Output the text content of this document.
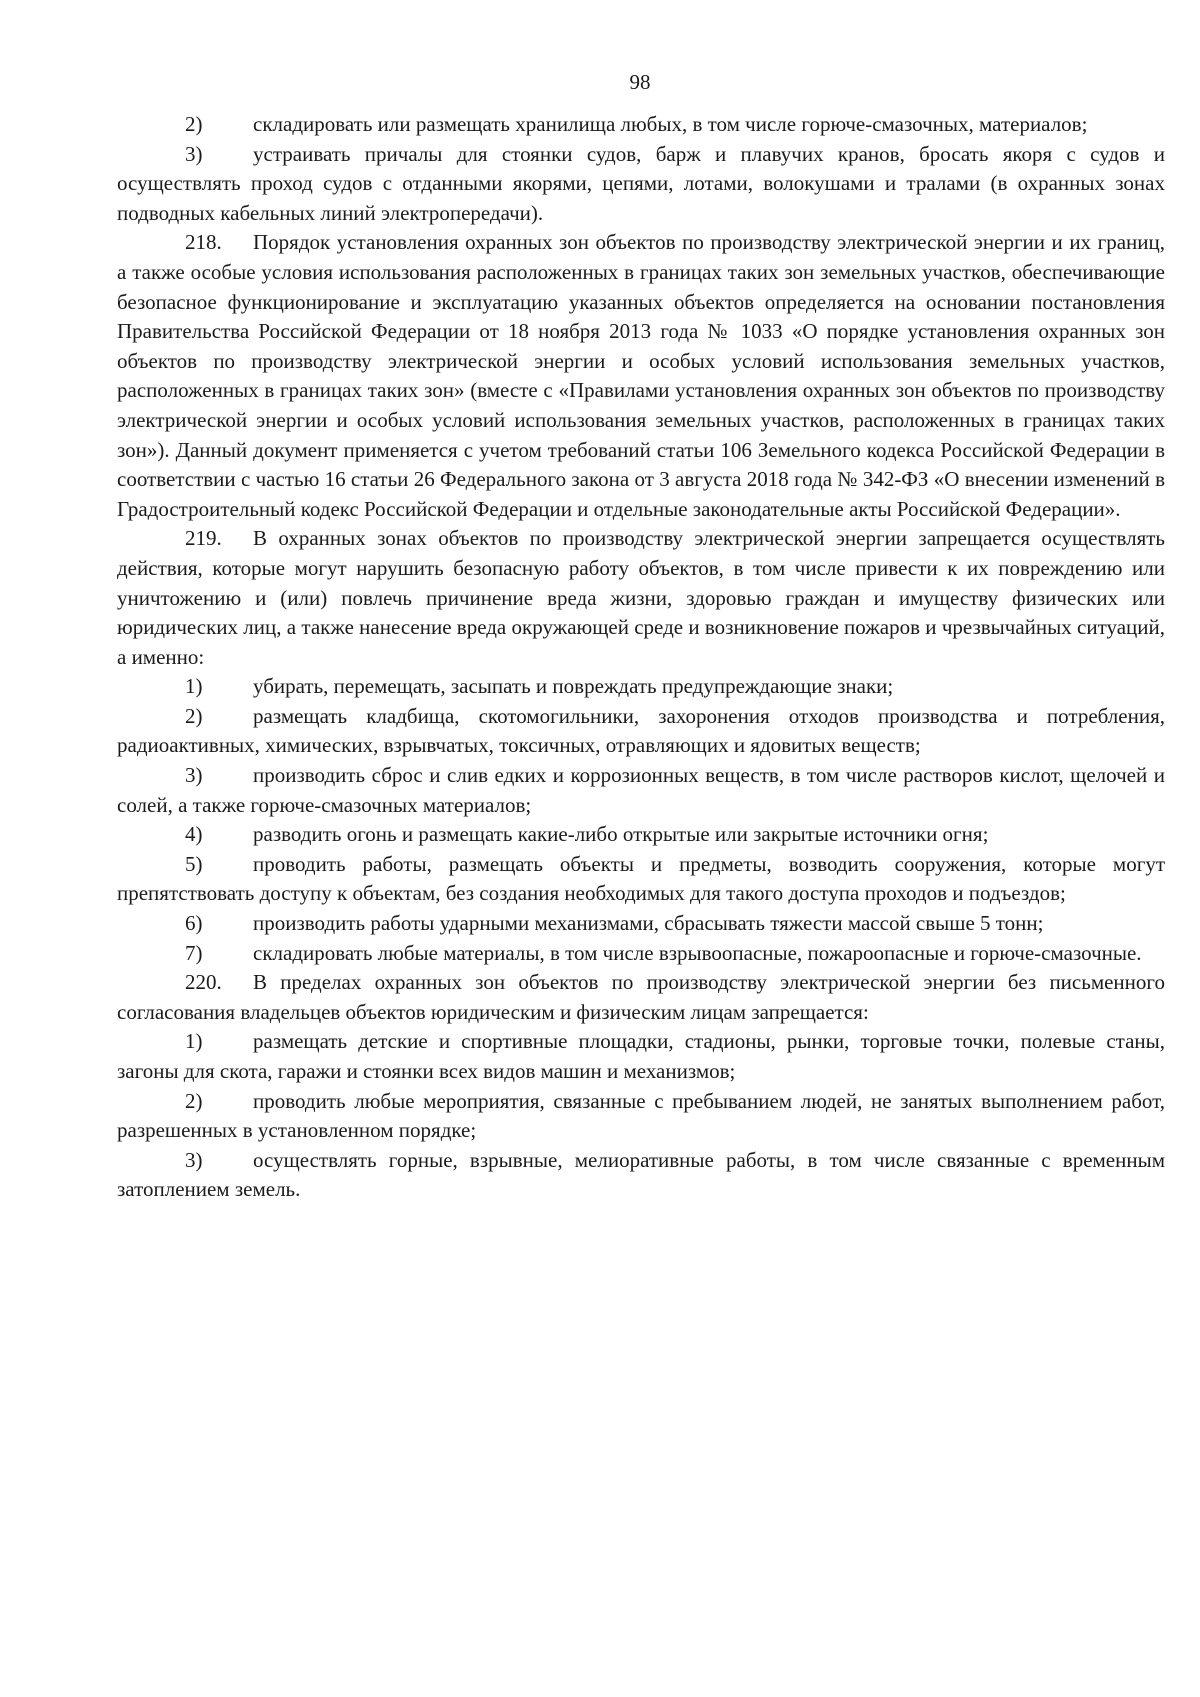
98

2) складировать или размещать хранилища любых, в том числе горюче-смазочных, материалов;

3) устраивать причалы для стоянки судов, барж и плавучих кранов, бросать якоря с судов и осуществлять проход судов с отданными якорями, цепями, лотами, волокушами и тралами (в охранных зонах подводных кабельных линий электропередачи).

218. Порядок установления охранных зон объектов по производству электрической энергии и их границ, а также особые условия использования расположенных в границах таких зон земельных участков, обеспечивающие безопасное функционирование и эксплуатацию указанных объектов определяется на основании постановления Правительства Российской Федерации от 18 ноября 2013 года № 1033 «О порядке установления охранных зон объектов по производству электрической энергии и особых условий использования земельных участков, расположенных в границах таких зон» (вместе с «Правилами установления охранных зон объектов по производству электрической энергии и особых условий использования земельных участков, расположенных в границах таких зон»). Данный документ применяется с учетом требований статьи 106 Земельного кодекса Российской Федерации в соответствии с частью 16 статьи 26 Федерального закона от 3 августа 2018 года № 342-ФЗ «О внесении изменений в Градостроительный кодекс Российской Федерации и отдельные законодательные акты Российской Федерации».

219. В охранных зонах объектов по производству электрической энергии запрещается осуществлять действия, которые могут нарушить безопасную работу объектов, в том числе привести к их повреждению или уничтожению и (или) повлечь причинение вреда жизни, здоровью граждан и имуществу физических или юридических лиц, а также нанесение вреда окружающей среде и возникновение пожаров и чрезвычайных ситуаций, а именно:

1) убирать, перемещать, засыпать и повреждать предупреждающие знаки;

2) размещать кладбища, скотомогильники, захоронения отходов производства и потребления, радиоактивных, химических, взрывчатых, токсичных, отравляющих и ядовитых веществ;

3) производить сброс и слив едких и коррозионных веществ, в том числе растворов кислот, щелочей и солей, а также горюче-смазочных материалов;

4) разводить огонь и размещать какие-либо открытые или закрытые источники огня;

5) проводить работы, размещать объекты и предметы, возводить сооружения, которые могут препятствовать доступу к объектам, без создания необходимых для такого доступа проходов и подъездов;

6) производить работы ударными механизмами, сбрасывать тяжести массой свыше 5 тонн;

7) складировать любые материалы, в том числе взрывоопасные, пожароопасные и горюче-смазочные.

220. В пределах охранных зон объектов по производству электрической энергии без письменного согласования владельцев объектов юридическим и физическим лицам запрещается:

1) размещать детские и спортивные площадки, стадионы, рынки, торговые точки, полевые станы, загоны для скота, гаражи и стоянки всех видов машин и механизмов;

2) проводить любые мероприятия, связанные с пребыванием людей, не занятых выполнением работ, разрешенных в установленном порядке;

3) осуществлять горные, взрывные, мелиоративные работы, в том числе связанные с временным затоплением земель.
